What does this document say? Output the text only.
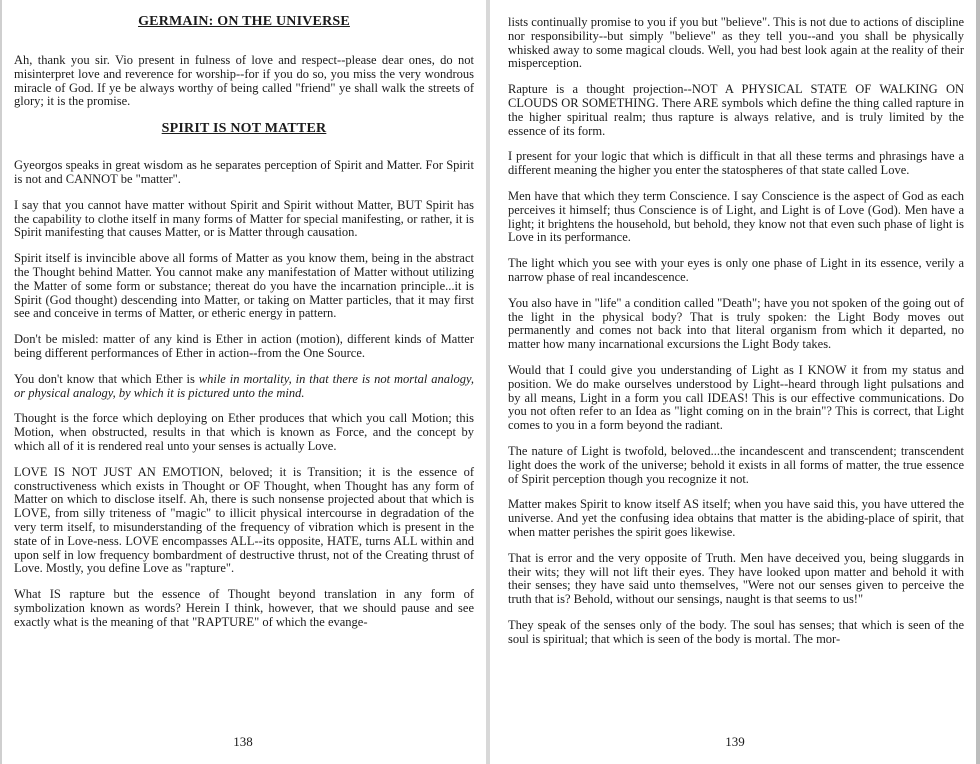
GERMAIN: ON THE UNIVERSE

Ah, thank you sir. Vio present in fulness of love and respect--please dear ones, do not misinterpret love and reverence for worship--for if you do so, you miss the very wondrous miracle of God. If ye be always worthy of being called "friend" ye shall walk the streets of glory; it is the promise.

SPIRIT IS NOT MATTER

Gyeorgos speaks in great wisdom as he separates perception of Spirit and Matter. For Spirit is not and CANNOT be "matter".

I say that you cannot have matter without Spirit and Spirit without Matter, BUT Spirit has the capability to clothe itself in many forms of Matter for special manifesting, or rather, it is Spirit manifesting that causes Matter, or is Matter through causation.

Spirit itself is invincible above all forms of Matter as you know them, being in the abstract the Thought behind Matter. You cannot make any manifestation of Matter without utilizing the Matter of some form or substance; thereat do you have the incarnation principle...it is Spirit (God thought) descending into Matter, or taking on Matter particles, that it may first see and conceive in terms of Matter, or etheric energy in pattern.

Don't be misled: matter of any kind is Ether in action (motion), different kinds of Matter being different performances of Ether in action--from the One Source.

You don't know that which Ether is while in mortality, in that there is not mortal analogy, or physical analogy, by which it is pictured unto the mind.

Thought is the force which deploying on Ether produces that which you call Motion; this Motion, when obstructed, results in that which is known as Force, and the concept by which all of it is rendered real unto your senses is actually Love.

LOVE IS NOT JUST AN EMOTION, beloved; it is Transition; it is the essence of constructiveness which exists in Thought or OF Thought, when Thought has any form of Matter on which to disclose itself. Ah, there is such nonsense projected about that which is LOVE, from silly triteness of "magic" to illicit physical intercourse in degradation of the very term itself, to misunderstanding of the frequency of vibration which is present in the state of in Love-ness. LOVE encompasses ALL--its opposite, HATE, turns ALL within and upon self in low frequency bombardment of destructive thrust, not of the Creating thrust of Love. Mostly, you define Love as "rapture".

What IS rapture but the essence of Thought beyond translation in any form of symbolization known as words? Herein I think, however, that we should pause and see exactly what is the meaning of that "RAPTURE" of which the evange-

138

lists continually promise to you if you but "believe". This is not due to actions of discipline nor responsibility--but simply "believe" as they tell you--and you shall be physically whisked away to some magical clouds. Well, you had best look again at the reality of their misperception.

Rapture is a thought projection--NOT A PHYSICAL STATE OF WALKING ON CLOUDS OR SOMETHING. There ARE symbols which define the thing called rapture in the higher spiritual realm; thus rapture is always relative, and is truly limited by the essence of its form.

I present for your logic that which is difficult in that all these terms and phrasings have a different meaning the higher you enter the statospheres of that state called Love.

Men have that which they term Conscience. I say Conscience is the aspect of God as each perceives it himself; thus Conscience is of Light, and Light is of Love (God). Men have a light; it brightens the household, but behold, they know not that even such phase of light is Love in its performance.

The light which you see with your eyes is only one phase of Light in its essence, verily a narrow phase of real incandescence.

You also have in "life" a condition called "Death"; have you not spoken of the going out of the light in the physical body? That is truly spoken: the Light Body moves out permanently and comes not back into that literal organism from which it departed, no matter how many incarnational excursions the Light Body takes.

Would that I could give you understanding of Light as I KNOW it from my status and position. We do make ourselves understood by Light--heard through light pulsations and by all means, Light in a form you call IDEAS! This is our effective communications. Do you not often refer to an Idea as "light coming on in the brain"? This is correct, that Light comes to you in a form beyond the radiant.

The nature of Light is twofold, beloved...the incandescent and transcendent; transcendent light does the work of the universe; behold it exists in all forms of matter, the true essence of Spirit perception though you recognize it not.

Matter makes Spirit to know itself AS itself; when you have said this, you have uttered the universe. And yet the confusing idea obtains that matter is the abiding-place of spirit, that when matter perishes the spirit goes likewise.

That is error and the very opposite of Truth. Men have deceived you, being sluggards in their wits; they will not lift their eyes. They have looked upon matter and behold it with their senses; they have said unto themselves, "Were not our senses given to perceive the truth that is? Behold, without our sensings, naught is that seems to us!"

They speak of the senses only of the body. The soul has senses; that which is seen of the soul is spiritual; that which is seen of the body is mortal. The mor-

139
